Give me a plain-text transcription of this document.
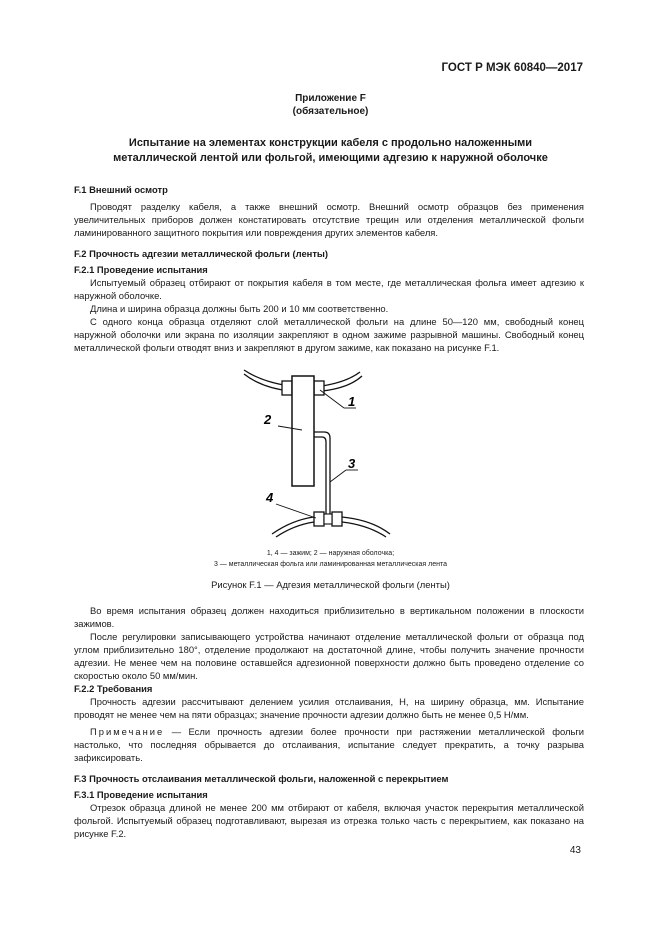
ГОСТ Р МЭК 60840—2017
Приложение F
(обязательное)
Испытание на элементах конструкции кабеля с продольно наложенными
металлической лентой или фольгой, имеющими адгезию к наружной оболочке

F.1 Внешний осмотр

Проводят разделку кабеля, а также внешний осмотр. Внешний осмотр образцов без применения увеличительных приборов должен констатировать отсутствие трещин или отделения металлической фольги ламинированного защитного покрытия или повреждения других элементов кабеля.

F.2 Прочность адгезии металлической фольги (ленты)

F.2.1 Проведение испытания

Испытуемый образец отбирают от покрытия кабеля в том месте, где металлическая фольга имеет адгезию к наружной оболочке.

Длина и ширина образца должны быть 200 и 10 мм соответственно.

С одного конца образца отделяют слой металлической фольги на длине 50—120 мм, свободный конец наружной оболочки или экрана по изоляции закрепляют в одном зажиме разрывной машины. Свободный конец металлической фольги отводят вниз и закрепляют в другом зажиме, как показано на рисунке F.1.

1
2
3
4
1, 4 — зажим; 2 — наружная оболочка;
3 — металлическая фольга или ламинированная металлическая лента
Рисунок F.1 — Адгезия металлической фольги (ленты)

Во время испытания образец должен находиться приблизительно в вертикальном положении в плоскости зажимов.

После регулировки записывающего устройства начинают отделение металлической фольги от образца под углом приблизительно 180°, отделение продолжают на достаточной длине, чтобы получить значение прочности адгезии. Не менее чем на половине оставшейся адгезионной поверхности должно быть проведено отделение со скоростью около 50 мм/мин.

F.2.2 Требования

Прочность адгезии рассчитывают делением усилия отслаивания, Н, на ширину образца, мм. Испытание проводят не менее чем на пяти образцах; значение прочности адгезии должно быть не менее 0,5 Н/мм.

Примечание — Если прочность адгезии более прочности при растяжении металлической фольги настолько, что последняя обрывается до отслаивания, испытание следует прекратить, а точку разрыва зафиксировать.

F.3 Прочность отслаивания металлической фольги, наложенной с перекрытием

F.3.1 Проведение испытания

Отрезок образца длиной не менее 200 мм отбирают от кабеля, включая участок перекрытия металлической фольгой. Испытуемый образец подготавливают, вырезая из отрезка только часть с перекрытием, как показано на рисунке F.2.

43
